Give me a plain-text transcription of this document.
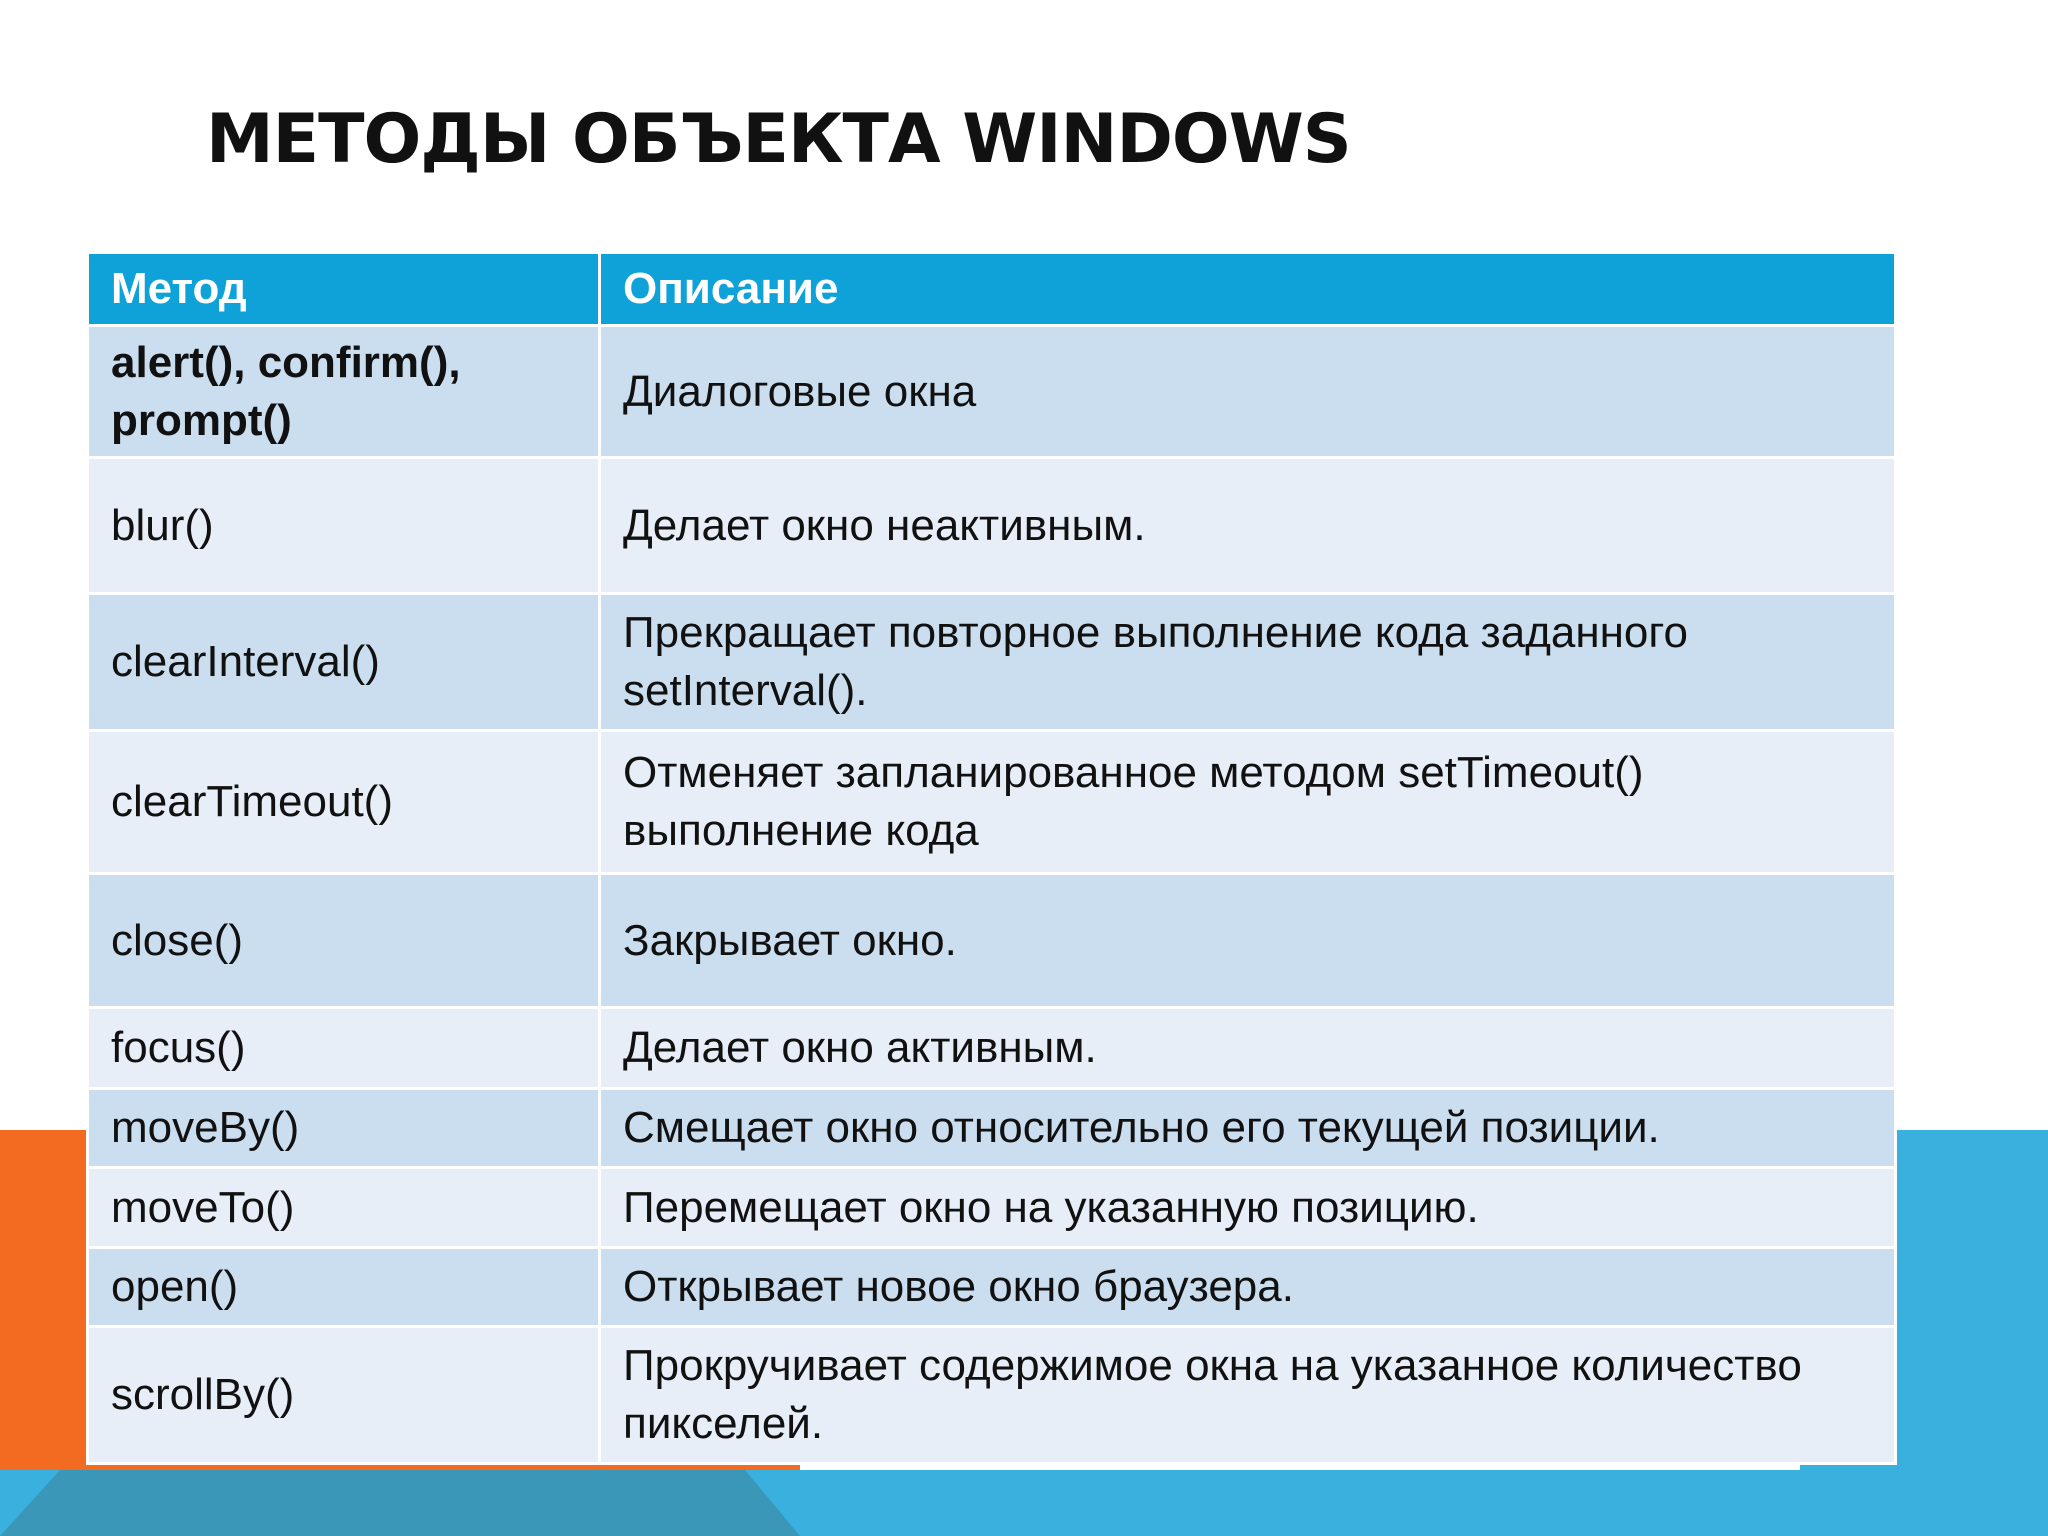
МЕТОДЫ ОБЪЕКТА WINDOWS
Метод	Описание
alert(), confirm(), prompt()	Диалоговые окна
blur()	Делает окно неактивным.
clearInterval()	Прекращает повторное выполнение кода заданного setInterval().
clearTimeout()	Отменяет запланированное методом setTimeout() выполнение кода
close()	Закрывает окно.
focus()	Делает окно активным.
moveBy()	Смещает окно относительно его текущей позиции.
moveTo()	Перемещает окно на указанную позицию.
open()	Открывает новое окно браузера.
scrollBy()	Прокручивает содержимое окна на указанное количество пикселей.
